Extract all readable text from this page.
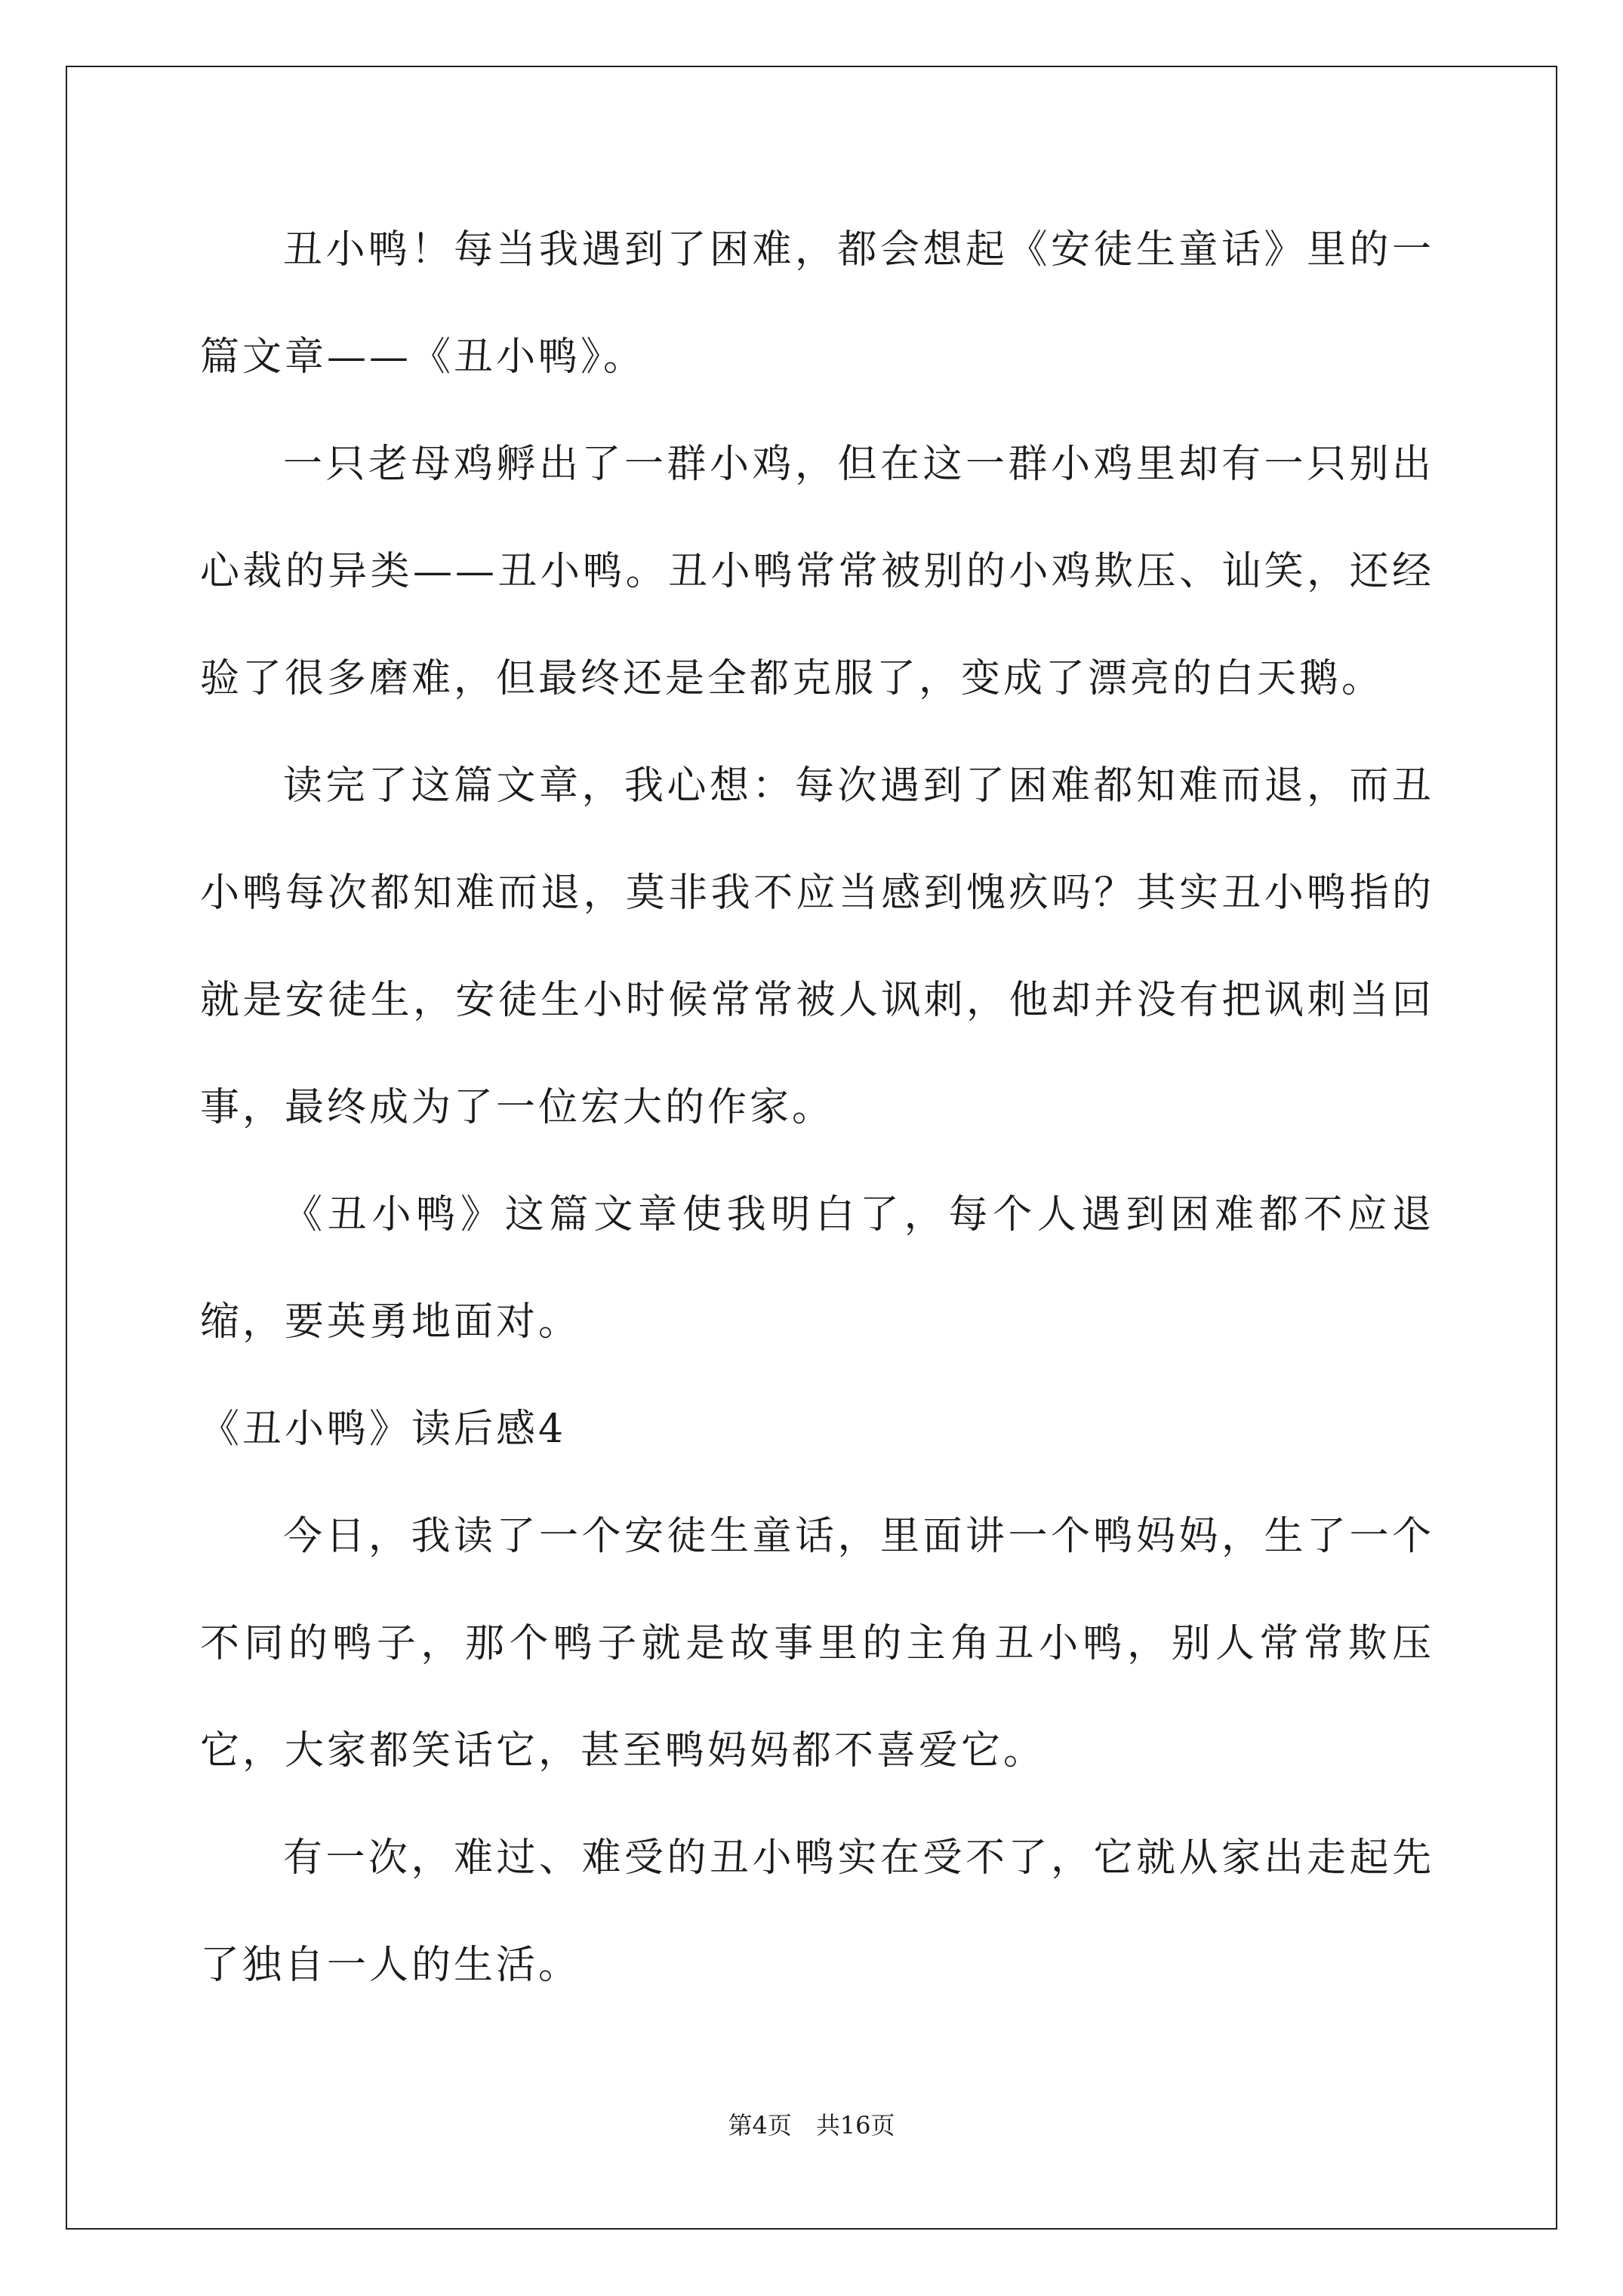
丑小鸭！每当我遇到了困难，都会想起《安徒生童话》里的一篇文章——《丑小鸭》。

一只老母鸡孵出了一群小鸡，但在这一群小鸡里却有一只别出心裁的异类——丑小鸭。丑小鸭常常被别的小鸡欺压、讪笑，还经验了很多磨难，但最终还是全都克服了，变成了漂亮的白天鹅。

读完了这篇文章，我心想：每次遇到了困难都知难而退，而丑小鸭每次都知难而退，莫非我不应当感到愧疚吗？其实丑小鸭指的就是安徒生，安徒生小时候常常被人讽刺，他却并没有把讽刺当回事，最终成为了一位宏大的作家。

《丑小鸭》这篇文章使我明白了，每个人遇到困难都不应退缩，要英勇地面对。

《丑小鸭》读后感4

今日，我读了一个安徒生童话，里面讲一个鸭妈妈，生了一个不同的鸭子，那个鸭子就是故事里的主角丑小鸭，别人常常欺压它，大家都笑话它，甚至鸭妈妈都不喜爱它。

有一次，难过、难受的丑小鸭实在受不了，它就从家出走起先了独自一人的生活。

第4页　共16页
